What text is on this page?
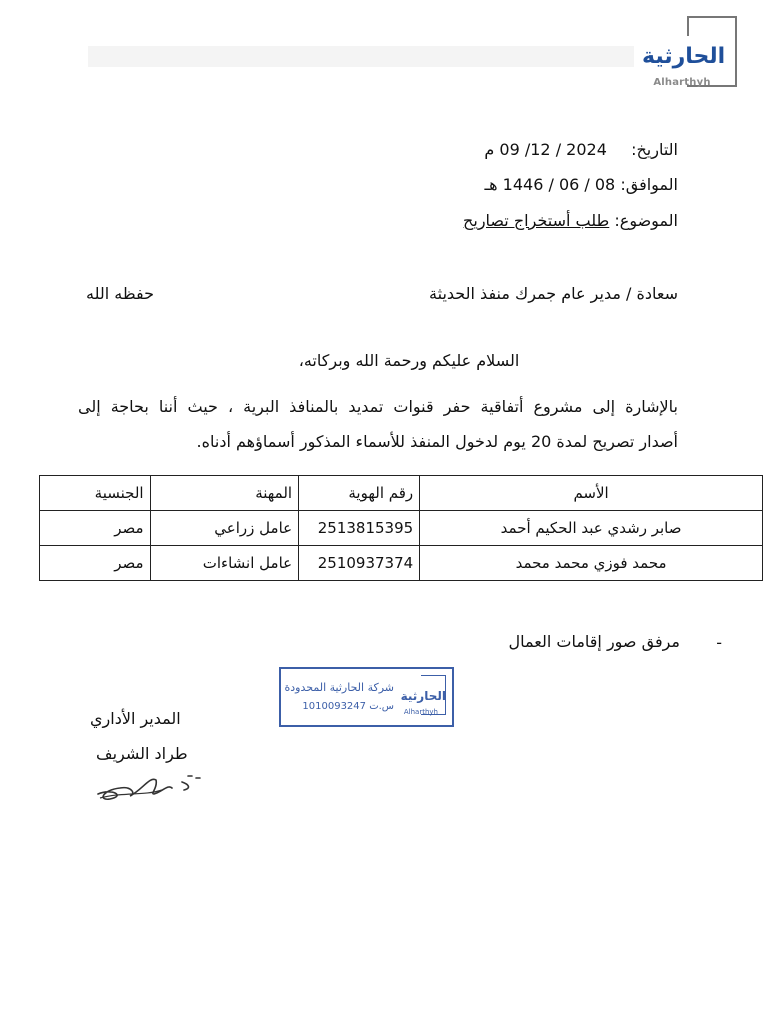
الحارثية
Alharthyh
التاريخ:  2024 / 12/ 09 م
الموافق: 08 / 06 / 1446 هـ
الموضوع: طلب أستخراج تصاريح
سعادة / مدير عام جمرك منفذ الحديثة
حفظه الله
السلام عليكم ورحمة الله وبركاته،
بالإشارة إلى مشروع أتفاقية حفر قنوات تمديد بالمنافذ البرية ، حيث أننا بحاجة إلى
أصدار تصريح لمدة 20 يوم لدخول المنفذ للأسماء المذكور أسماؤهم أدناه.
الأسم	رقم الهوية	المهنة	الجنسية
صابر رشدي عبد الحكيم أحمد	2513815395	عامل زراعي	مصر
محمد فوزي محمد محمد	2510937374	عامل انشاءات	مصر
-
مرفق صور إقامات العمال
الحارثية
Alharthyh
شركة الحارثية المحدودة
س.ت 1010093247
المدير الأداري
طراد الشريف
